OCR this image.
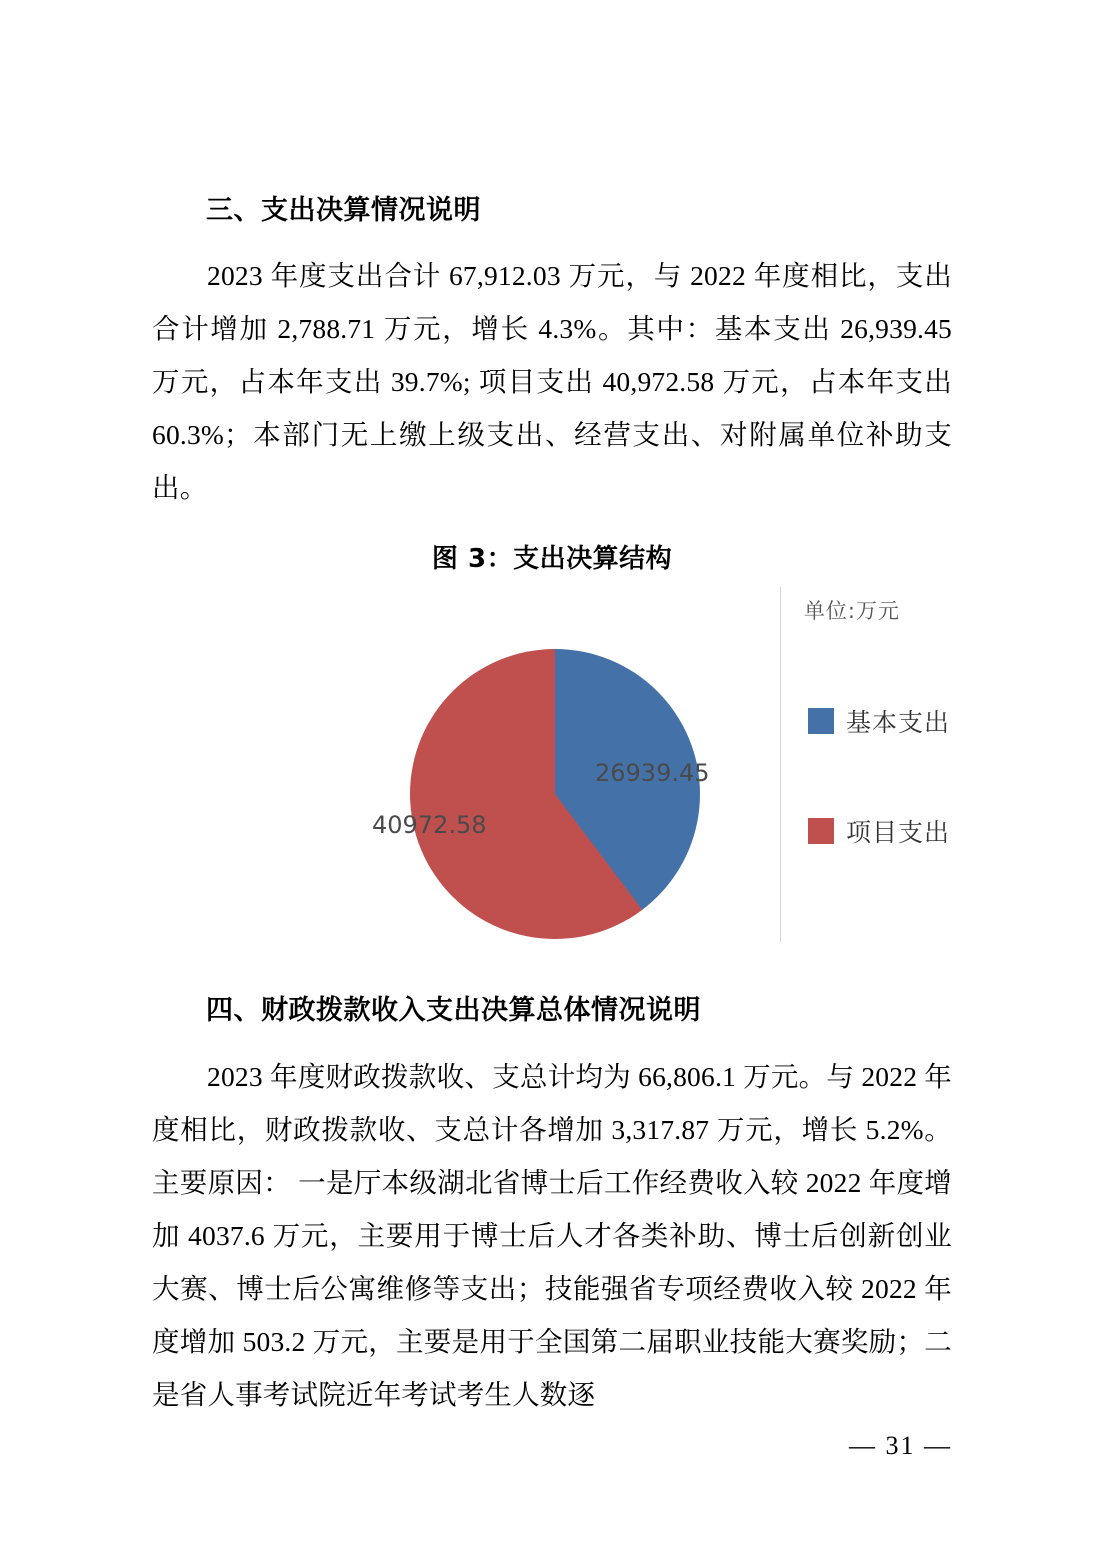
三、支出决算情况说明

2023 年度支出合计 67,912.03 万元，与 2022 年度相比，支出合计增加 2,788.71 万元，增长 4.3%。其中：基本支出 26,939.45 万元，占本年支出 39.7%; 项目支出 40,972.58 万元，占本年支出 60.3%；本部门无上缴上级支出、经营支出、对附属单位补助支出。

图 3：支出决算结构
单位:万元
26939.45
40972.58
基本支出
项目支出
四、财政拨款收入支出决算总体情况说明

2023 年度财政拨款收、支总计均为 66,806.1 万元。与 2022 年度相比，财政拨款收、支总计各增加 3,317.87 万元，增长 5.2%。主要原因： 一是厅本级湖北省博士后工作经费收入较 2022 年度增加 4037.6 万元，主要用于博士后人才各类补助、博士后创新创业大赛、博士后公寓维修等支出；技能强省专项经费收入较 2022 年度增加 503.2 万元，主要是用于全国第二届职业技能大赛奖励；二是省人事考试院近年考试考生人数逐

— 31 —
